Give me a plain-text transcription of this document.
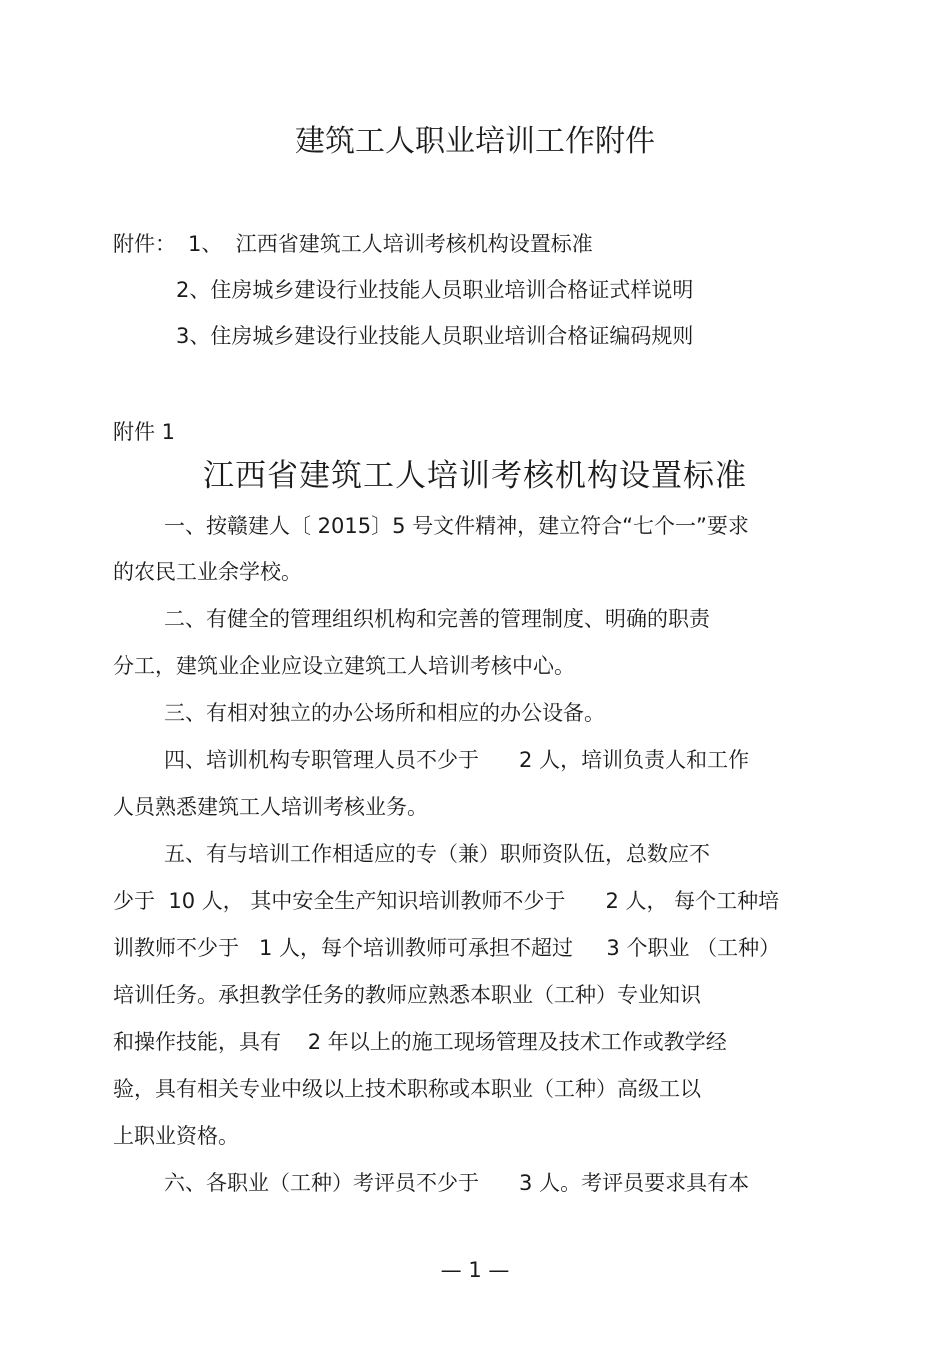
建筑工人职业培训工作附件
附件： 1、  江西省建筑工人培训考核机构设置标准
2、住房城乡建设行业技能人员职业培训合格证式样说明
3、住房城乡建设行业技能人员职业培训合格证编码规则
附件 1
江西省建筑工人培训考核机构设置标准
一、按赣建人〔 2015〕5 号文件精神，建立符合“七个一”要求
的农民工业余学校。
二、有健全的管理组织机构和完善的管理制度、明确的职责
分工，建筑业企业应设立建筑工人培训考核中心。
三、有相对独立的办公场所和相应的办公设备。
四、培训机构专职管理人员不少于      2 人，培训负责人和工作
人员熟悉建筑工人培训考核业务。
五、有与培训工作相适应的专（兼）职师资队伍，总数应不
少于  10 人， 其中安全生产知识培训教师不少于      2 人， 每个工种培
训教师不少于   1 人，每个培训教师可承担不超过     3 个职业 （工种）
培训任务。承担教学任务的教师应熟悉本职业（工种）专业知识
和操作技能，具有    2 年以上的施工现场管理及技术工作或教学经
验，具有相关专业中级以上技术职称或本职业（工种）高级工以
上职业资格。
六、各职业（工种）考评员不少于      3 人。考评员要求具有本
— 1 —
